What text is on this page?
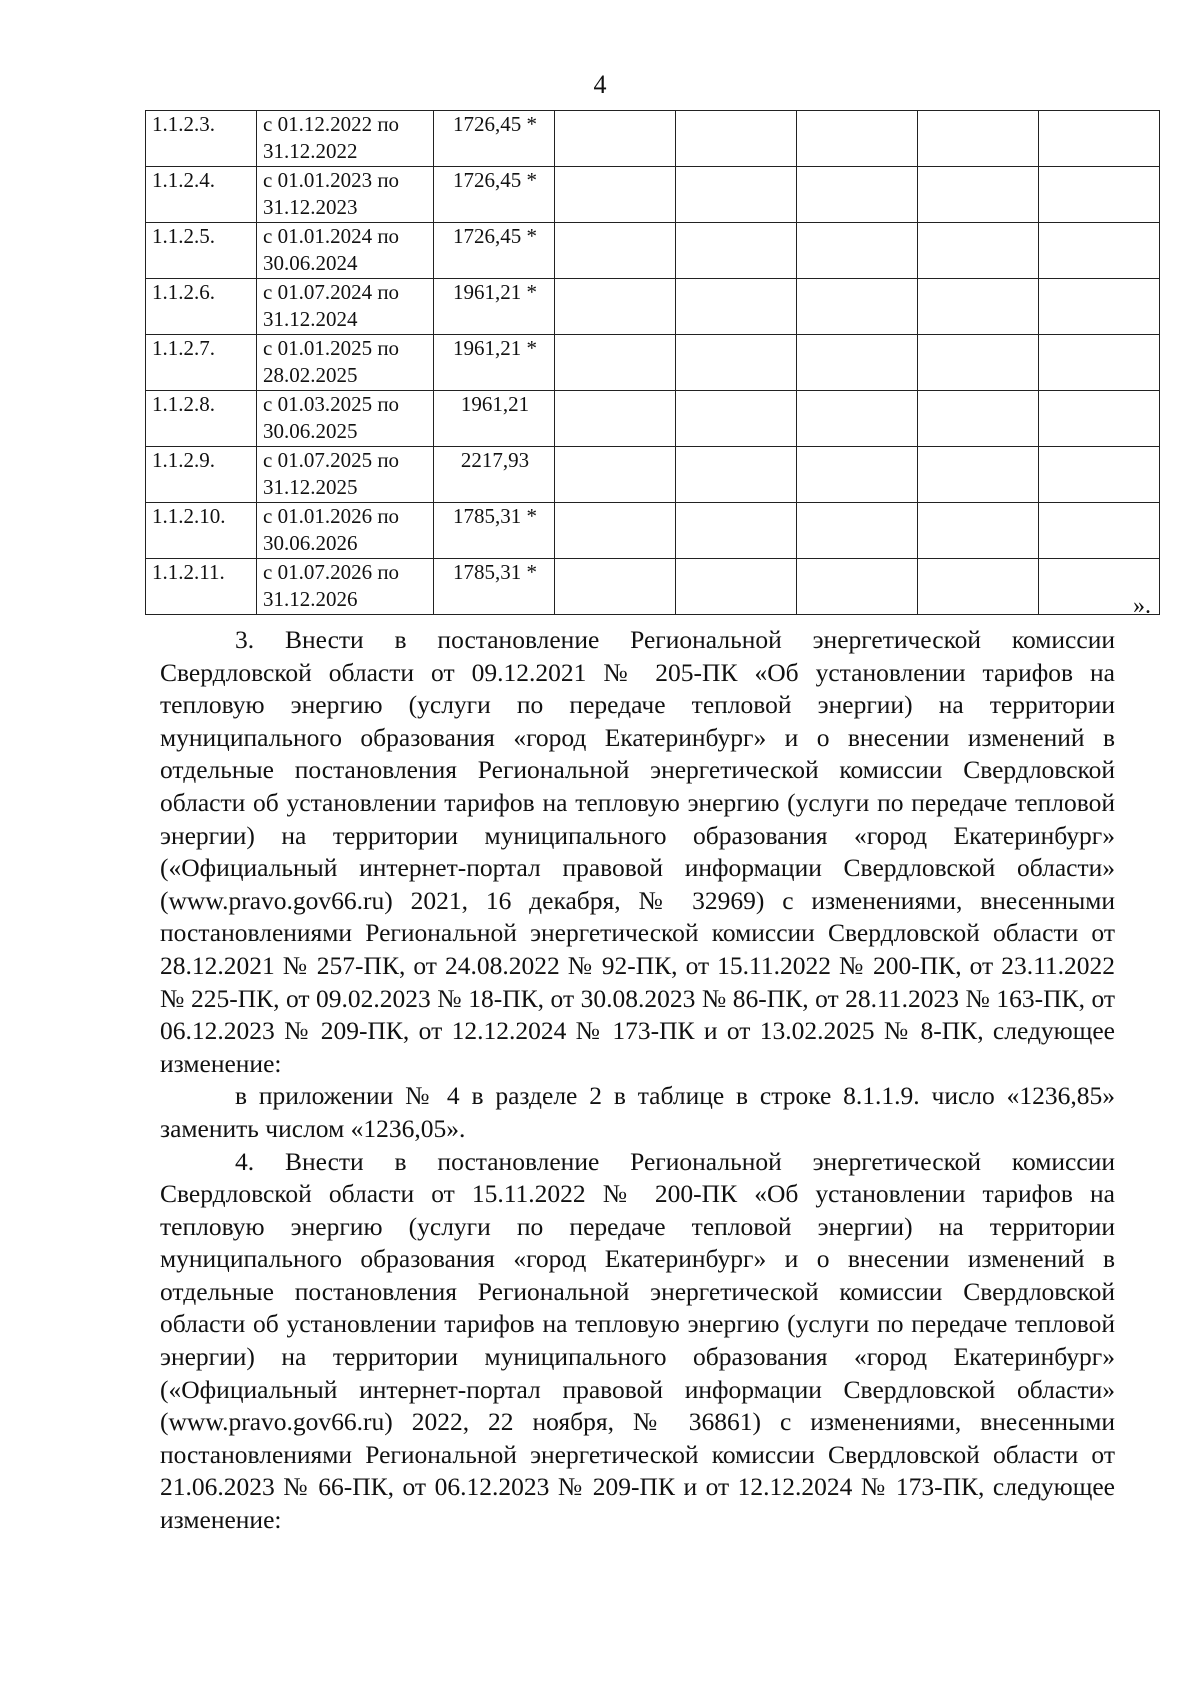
4
1.1.2.3.	с 01.12.2022 по 31.12.2022	1726,45 *					
1.1.2.4.	с 01.01.2023 по 31.12.2023	1726,45 *					
1.1.2.5.	с 01.01.2024 по 30.06.2024	1726,45 *					
1.1.2.6.	с 01.07.2024 по 31.12.2024	1961,21 *					
1.1.2.7.	с 01.01.2025 по 28.02.2025	1961,21 *					
1.1.2.8.	с 01.03.2025 по 30.06.2025	1961,21					
1.1.2.9.	с 01.07.2025 по 31.12.2025	2217,93					
1.1.2.10.	с 01.01.2026 по 30.06.2026	1785,31 *					
1.1.2.11.	с 01.07.2026 по 31.12.2026	1785,31 *					
».

3. Внести в постановление Региональной энергетической комиссии Свердловской области от 09.12.2021 № 205-ПК «Об установлении тарифов на тепловую энергию (услуги по передаче тепловой энергии) на территории муниципального образования «город Екатеринбург» и о внесении изменений в отдельные постановления Региональной энергетической комиссии Свердловской области об установлении тарифов на тепловую энергию (услуги по передаче тепловой энергии) на территории муниципального образования «город Екатеринбург» («Официальный интернет-портал правовой информации Свердловской области» (www.pravo.gov66.ru) 2021, 16 декабря, № 32969) с изменениями, внесенными постановлениями Региональной энергетической комиссии Свердловской области от 28.12.2021 № 257-ПК, от 24.08.2022 № 92-ПК, от 15.11.2022 № 200-ПК, от 23.11.2022 № 225-ПК, от 09.02.2023 № 18-ПК, от 30.08.2023 № 86-ПК, от 28.11.2023 № 163-ПК, от 06.12.2023 № 209-ПК, от 12.12.2024 № 173-ПК и от 13.02.2025 № 8-ПК, следующее изменение:

в приложении № 4 в разделе 2 в таблице в строке 8.1.1.9. число «1236,85» заменить числом «1236,05».

4. Внести в постановление Региональной энергетической комиссии Свердловской области от 15.11.2022 № 200-ПК «Об установлении тарифов на тепловую энергию (услуги по передаче тепловой энергии) на территории муниципального образования «город Екатеринбург» и о внесении изменений в отдельные постановления Региональной энергетической комиссии Свердловской области об установлении тарифов на тепловую энергию (услуги по передаче тепловой энергии) на территории муниципального образования «город Екатеринбург» («Официальный интернет-портал правовой информации Свердловской области» (www.pravo.gov66.ru) 2022, 22 ноября, № 36861) с изменениями, внесенными постановлениями Региональной энергетической комиссии Свердловской области от 21.06.2023 № 66-ПК, от 06.12.2023 № 209-ПК и от 12.12.2024 № 173-ПК, следующее изменение:
